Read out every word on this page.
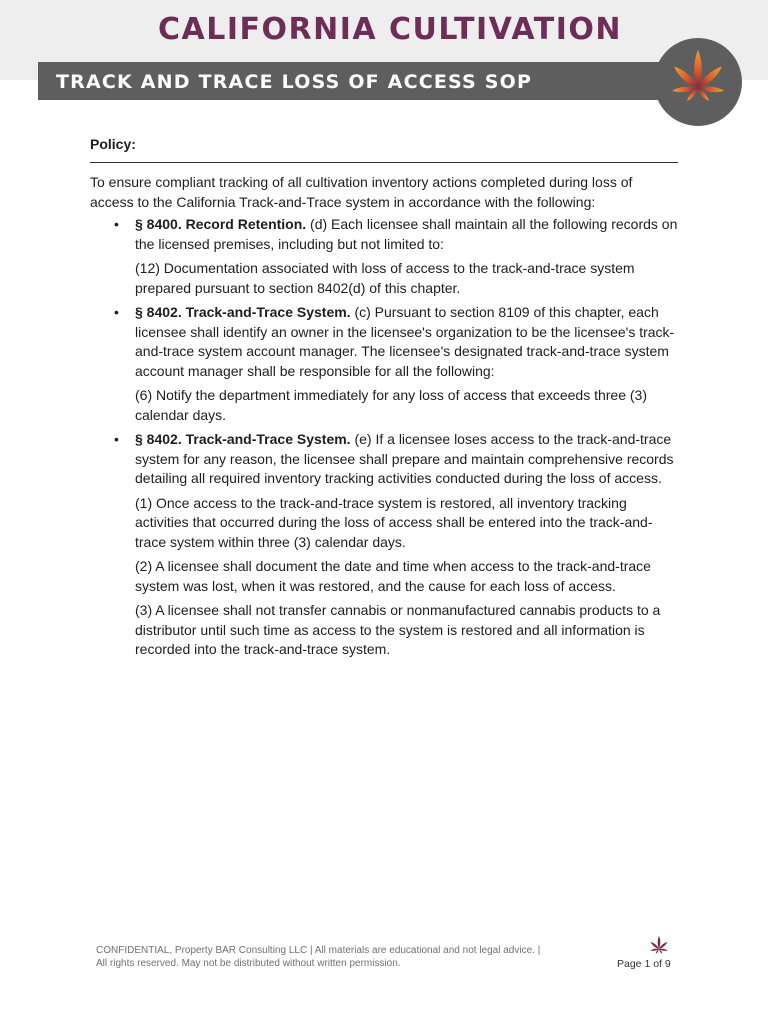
CALIFORNIA CULTIVATION
TRACK AND TRACE LOSS OF ACCESS SOP
Policy:

To ensure compliant tracking of all cultivation inventory actions completed during loss of access to the California Track-and-Trace system in accordance with the following:

• § 8400. Record Retention. (d) Each licensee shall maintain all the following records on the licensed premises, including but not limited to:

(12) Documentation associated with loss of access to the track-and-trace system prepared pursuant to section 8402(d) of this chapter.

• § 8402. Track-and-Trace System. (c) Pursuant to section 8109 of this chapter, each licensee shall identify an owner in the licensee's organization to be the licensee's track-and-trace system account manager. The licensee's designated track-and-trace system account manager shall be responsible for all the following:

(6) Notify the department immediately for any loss of access that exceeds three (3) calendar days.

• § 8402. Track-and-Trace System. (e) If a licensee loses access to the track-and-trace system for any reason, the licensee shall prepare and maintain comprehensive records detailing all required inventory tracking activities conducted during the loss of access.

(1) Once access to the track-and-trace system is restored, all inventory tracking activities that occurred during the loss of access shall be entered into the track-and-trace system within three (3) calendar days.

(2) A licensee shall document the date and time when access to the track-and-trace system was lost, when it was restored, and the cause for each loss of access.

(3) A licensee shall not transfer cannabis or nonmanufactured cannabis products to a distributor until such time as access to the system is restored and all information is recorded into the track-and-trace system.

CONFIDENTIAL, Property BAR Consulting LLC | All materials are educational and not legal advice. |
All rights reserved. May not be distributed without written permission.	Page 1 of 9
